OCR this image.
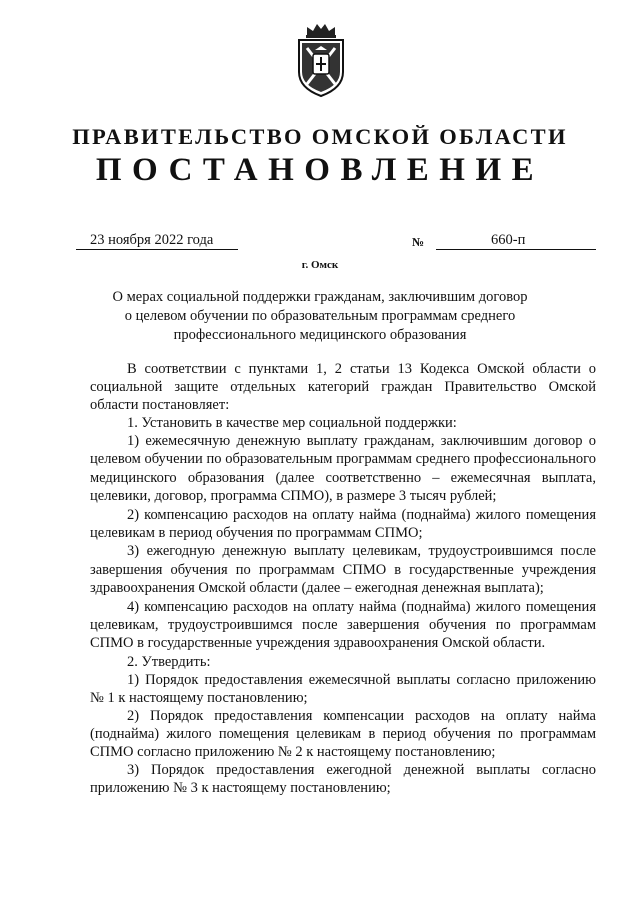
ПРАВИТЕЛЬСТВО ОМСКОЙ ОБЛАСТИ
ПОСТАНОВЛЕНИЕ
23 ноября 2022 года	№	660-п
г. Омск
О мерах социальной поддержки гражданам, заключившим договор
о целевом обучении по образовательным программам среднего
профессионального медицинского образования

В соответствии с пунктами 1, 2 статьи 13 Кодекса Омской области о социальной защите отдельных категорий граждан Правительство Омской области постановляет:

1. Установить в качестве мер социальной поддержки:

1) ежемесячную денежную выплату гражданам, заключившим договор о целевом обучении по образовательным программам среднего профессионального медицинского образования (далее соответственно – ежемесячная выплата, целевики, договор, программа СПМО), в размере 3 тысяч рублей;

2) компенсацию расходов на оплату найма (поднайма) жилого помещения целевикам в период обучения по программам СПМО;

3) ежегодную денежную выплату целевикам, трудоустроившимся после завершения обучения по программам СПМО в государственные учреждения здравоохранения Омской области (далее – ежегодная денежная выплата);

4) компенсацию расходов на оплату найма (поднайма) жилого помещения целевикам, трудоустроившимся после завершения обучения по программам СПМО в государственные учреждения здравоохранения Омской области.

2. Утвердить:

1) Порядок предоставления ежемесячной выплаты согласно приложению № 1 к настоящему постановлению;

2) Порядок предоставления компенсации расходов на оплату найма (поднайма) жилого помещения целевикам в период обучения по программам СПМО согласно приложению № 2 к настоящему постановлению;

3) Порядок предоставления ежегодной денежной выплаты согласно приложению № 3 к настоящему постановлению;
